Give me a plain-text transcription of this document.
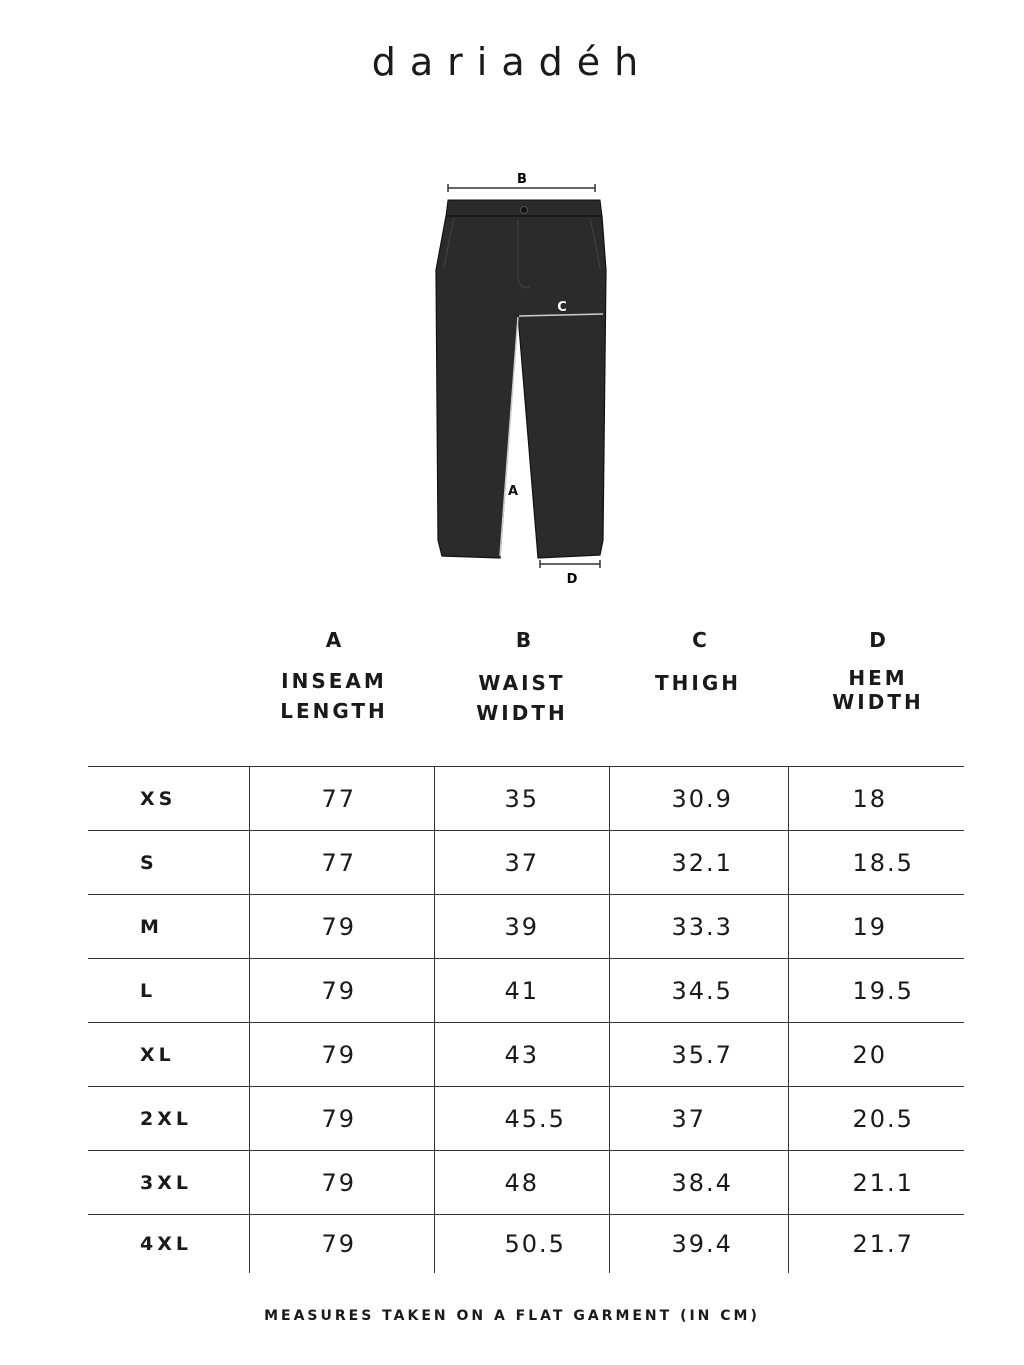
dariadéh
B
C
A
D
A	B	C	D
INSEAM
LENGTH
WAIST
WIDTH
THIGH	HEM
WIDTH
XS	77	35	30.9	18
S	77	37	32.1	18.5
M	79	39	33.3	19
L	79	41	34.5	19.5
XL	79	43	35.7	20
2XL	79	45.5	37	20.5
3XL	79	48	38.4	21.1
4XL	79	50.5	39.4	21.7
MEASURES TAKEN ON A FLAT GARMENT (IN CM)
